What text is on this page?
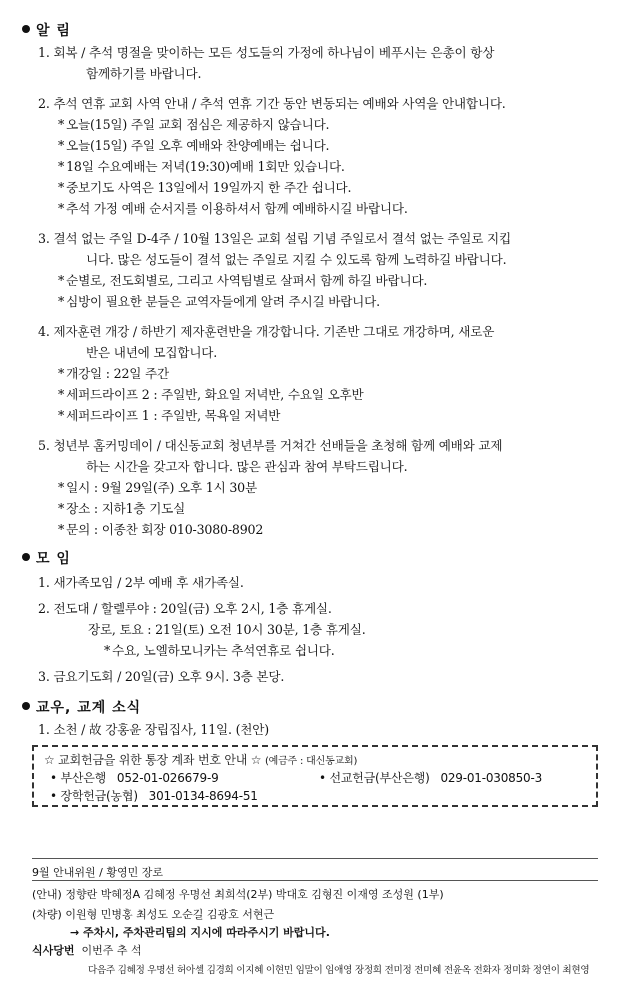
알 림
1. 회복 / 추석 명절을 맞이하는 모든 성도들의 가정에 하나님이 베푸시는 은총이 항상
함께하기를 바랍니다.
2. 추석 연휴 교회 사역 안내 / 추석 연휴 기간 동안 변동되는 예배와 사역을 안내합니다.
* 오늘(15일) 주일 교회 점심은 제공하지 않습니다.
* 오늘(15일) 주일 오후 예배와 찬양예배는 쉽니다.
* 18일 수요예배는 저녁(19:30)예배 1회만 있습니다.
* 중보기도 사역은 13일에서 19일까지 한 주간 쉽니다.
* 추석 가정 예배 순서지를 이용하셔서 함께 예배하시길 바랍니다.
3. 결석 없는 주일 D-4주 / 10월 13일은 교회 설립 기념 주일로서 결석 없는 주일로 지킵
니다. 많은 성도들이 결석 없는 주일로 지킬 수 있도록 함께 노력하길 바랍니다.
* 순별로, 전도회별로, 그리고 사역팀별로 살펴서 함께 하길 바랍니다.
* 심방이 필요한 분들은 교역자들에게 알려 주시길 바랍니다.
4. 제자훈련 개강 / 하반기 제자훈련반을 개강합니다. 기존반 그대로 개강하며, 새로운
반은 내년에 모집합니다.
* 개강일 : 22일 주간
* 세퍼드라이프 2 : 주일반, 화요일 저녁반, 수요일 오후반
* 세퍼드라이프 1 : 주일반, 목욕일 저녁반
5. 청년부 홈커밍데이 / 대신동교회 청년부를 거쳐간 선배들을 초청해 함께 예배와 교제
하는 시간을 갖고자 합니다. 많은 관심과 참여 부탁드립니다.
* 일시 : 9월 29일(주) 오후 1시 30분
* 장소 : 지하1층 기도실
* 문의 : 이종찬 회장 010-3080-8902
모 임
1. 새가족모임 / 2부 예배 후 새가족실.
2. 전도대 / 할렐루야 : 20일(금) 오후 2시, 1층 휴게실.
장로, 토요 : 21일(토) 오전 10시 30분, 1층 휴게실.
* 수요, 노엘하모니카는 추석연휴로 쉽니다.
3. 금요기도회 / 20일(금) 오후 9시. 3층 본당.
교우, 교계 소식
1. 소천 / 故 강홍윤 장립집사, 11일. (천안)
☆ 교회헌금을 위한 통장 계좌 번호 안내 ☆ (예금주 : 대신동교회)
• 부산은행 052-01-026679-9	• 선교헌금(부산은행) 029-01-030850-3
• 장학헌금(농협) 301-0134-8694-51
9월 안내위원 / 황영민 장로
(안내) 정향란 박혜정A 김혜정 우명선 최희석(2부) 박대호 김형진 이재영 조성원 (1부)
(차량) 이원형 민병홍 최성도 오순길 김광호 서현근
→ 주차시, 주차관리팀의 지시에 따라주시기 바랍니다.
식사당번 이번주 추 석
다음주 김혜정 우명선 허아셀 김경희 이지혜 이현민 임말이 임애영 장정희 전미정 전미혜 전윤옥 전화자 정미화 정연이 최현영
